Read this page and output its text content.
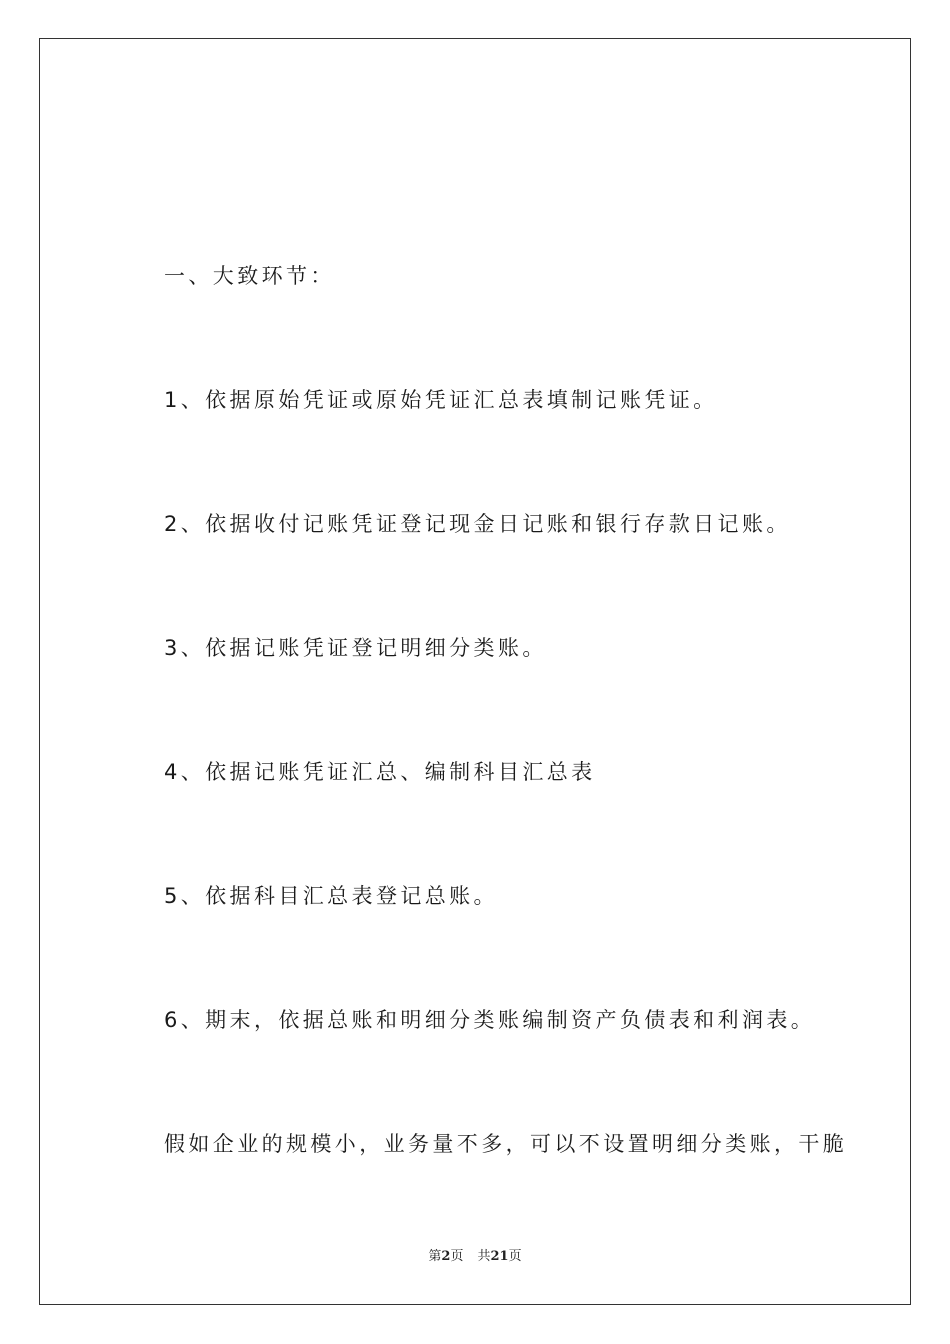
一、大致环节：
1、依据原始凭证或原始凭证汇总表填制记账凭证。
2、依据收付记账凭证登记现金日记账和银行存款日记账。
3、依据记账凭证登记明细分类账。
4、依据记账凭证汇总、编制科目汇总表
5、依据科目汇总表登记总账。
6、期末，依据总账和明细分类账编制资产负债表和利润表。
假如企业的规模小，业务量不多，可以不设置明细分类账，干脆
第2页 共21页
